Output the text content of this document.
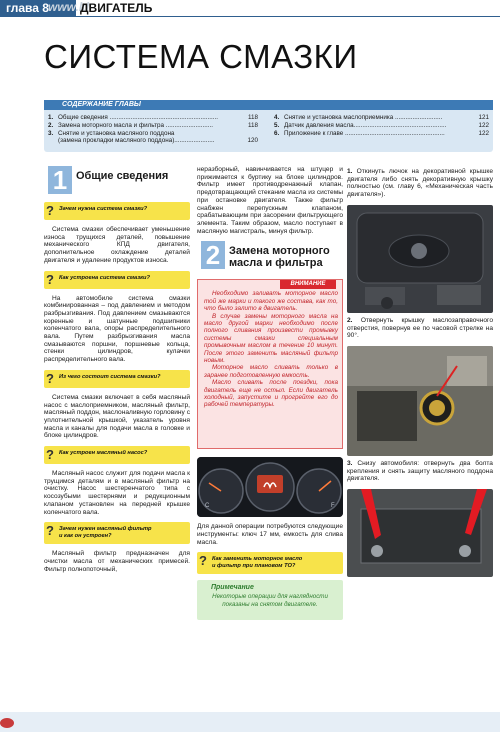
глава 8 www.kl
ДВИГАТЕЛЬ
СИСТЕМА СМАЗКИ
СОДЕРЖАНИЕ ГЛАВЫ
1. Общие сведения ..............................................................	118
2. Замена моторного масла и фильтра ...........................	118
3. Снятие и установка масляного поддона
(замена прокладки масляного поддона).......................	120
4. Снятие и установка маслоприемника ...........................	121
5. Датчик давления масла.....................................................	122
6. Приложение к главе .........................................................	122
1 Общие сведения
? Зачем нужна система смазки?
Система смазки обеспечивает уменьшение износа трущихся деталей, повышение механического КПД двигателя, дополнительное охлаждение деталей двигателя и удаление продуктов износа.
? Как устроена система смазки?
На автомобиле система смазки комбинированная – под давлением и методом разбрызгивания. Под давлением смазываются коренные и шатунные подшипники коленчатого вала, опоры распределительного вала. Путем разбрызгивания масла смазываются поршни, поршневые кольца, стенки цилиндров, кулачки распределительного вала.
? Из чего состоит система смазки?
Система смазки включает в себя масляный насос с маслоприемником, масляный фильтр, масляный поддон, маслоналивную горловину с уплотнительной крышкой, указатель уровня масла и каналы для подачи масла в головке и блоке цилиндров.
? Как устроен масляный насос?
Масляный насос служит для подачи масла к трущимся деталям и в масляный фильтр на очистку. Насос шестеренчатого типа с косозубыми шестернями и редукционным клапаном установлен на передней крышке коленчатого вала.
? Зачем нужен масляный фильтр
и как он устроен?
Масляный фильтр предназначен для очистки масла от механических примесей. Фильтр полнопоточный,
неразборный, навинчивается на штуцер и прижимается к буртику на блоке цилиндров. Фильтр имеет противодренажный клапан, предотвращающий стекание масла из системы при остановке двигателя. Также фильтр снабжен перепускным клапаном, срабатывающим при засорении фильтрующего элемента. Таким образом, масло поступает в масляную магистраль, минуя фильтр.
2 Замена моторного
масла и фильтра
ВНИМАНИЕ
Необходимо заливать моторное масло той же марки и такого же состава, как то, что было залито в двигатель.
В случае замены моторного масла на масло другой марки необходимо после полного сливания произвести промывку системы смазки специальным промывочным маслом в течение 10 минут. После этого заменить масляный фильтр новым.
Моторное масло сливать только в заранее подготовленную емкость.
Масло сливать после поездки, пока двигатель еще не остыл. Если двигатель холодный, запустите и прогрейте его до рабочей температуры.
C	F
Для данной операции потребуются следующие инструменты: ключ 17 мм, емкость для слива масла.
? Как заменить моторное масло
и фильтр при плановом ТО?
Примечание
Некоторые операции для наглядности показаны на снятом двигателе.
1. Откинуть лючок на декоративной крышке двигателя либо снять декоративную крышку полностью (см. главу 6, «Механическая часть двигателя»).
2. Отвернуть крышку маслозаправочного отверстия, повернув ее по часовой стрелке на 90°.
3. Снизу автомобиля: отвернуть два болта крепления и снять защиту масляного поддона двигателя.
